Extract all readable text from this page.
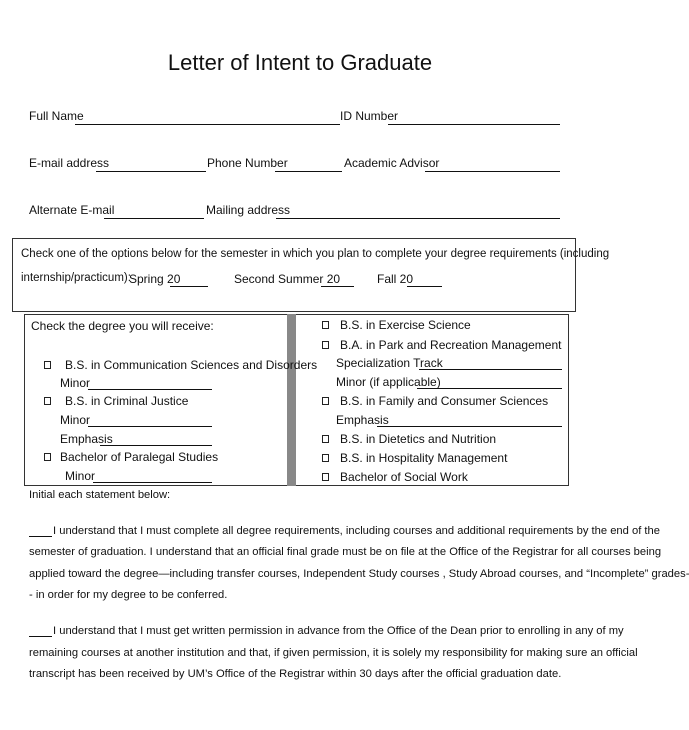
Letter of Intent to Graduate
Full Name	ID Number
E-mail address	Phone Number	Academic Advisor
Alternate E-mail	Mailing address
Check one of the options below for the semester in which you plan to complete your degree requirements (including
internship/practicum):
Spring 20	Second Summer 20	Fall 20
Check the degree you will receive:
B.S. in Communication Sciences and Disorders
Minor
B.S. in Criminal Justice
Minor
Emphasis
Bachelor of Paralegal Studies
Minor
B.S. in Exercise Science
B.A. in Park and Recreation Management
Specialization Track
Minor (if applicable)
B.S. in Family and Consumer Sciences
Emphasis
B.S. in Dietetics and Nutrition
B.S. in Hospitality Management
Bachelor of Social Work
Initial each statement below:
I understand that I must complete all degree requirements, including courses and additional requirements by the end of the
semester of graduation. I understand that an official final grade must be on file at the Office of the Registrar for all courses being
applied toward the degree—including transfer courses, Independent Study courses , Study Abroad courses, and “Incomplete” grades-
- in order for my degree to be conferred.
I understand that I must get written permission in advance from the Office of the Dean prior to enrolling in any of my
remaining courses at another institution and that, if given permission, it is solely my responsibility for making sure an official
transcript has been received by UM’s Office of the Registrar within 30 days after the official graduation date.
